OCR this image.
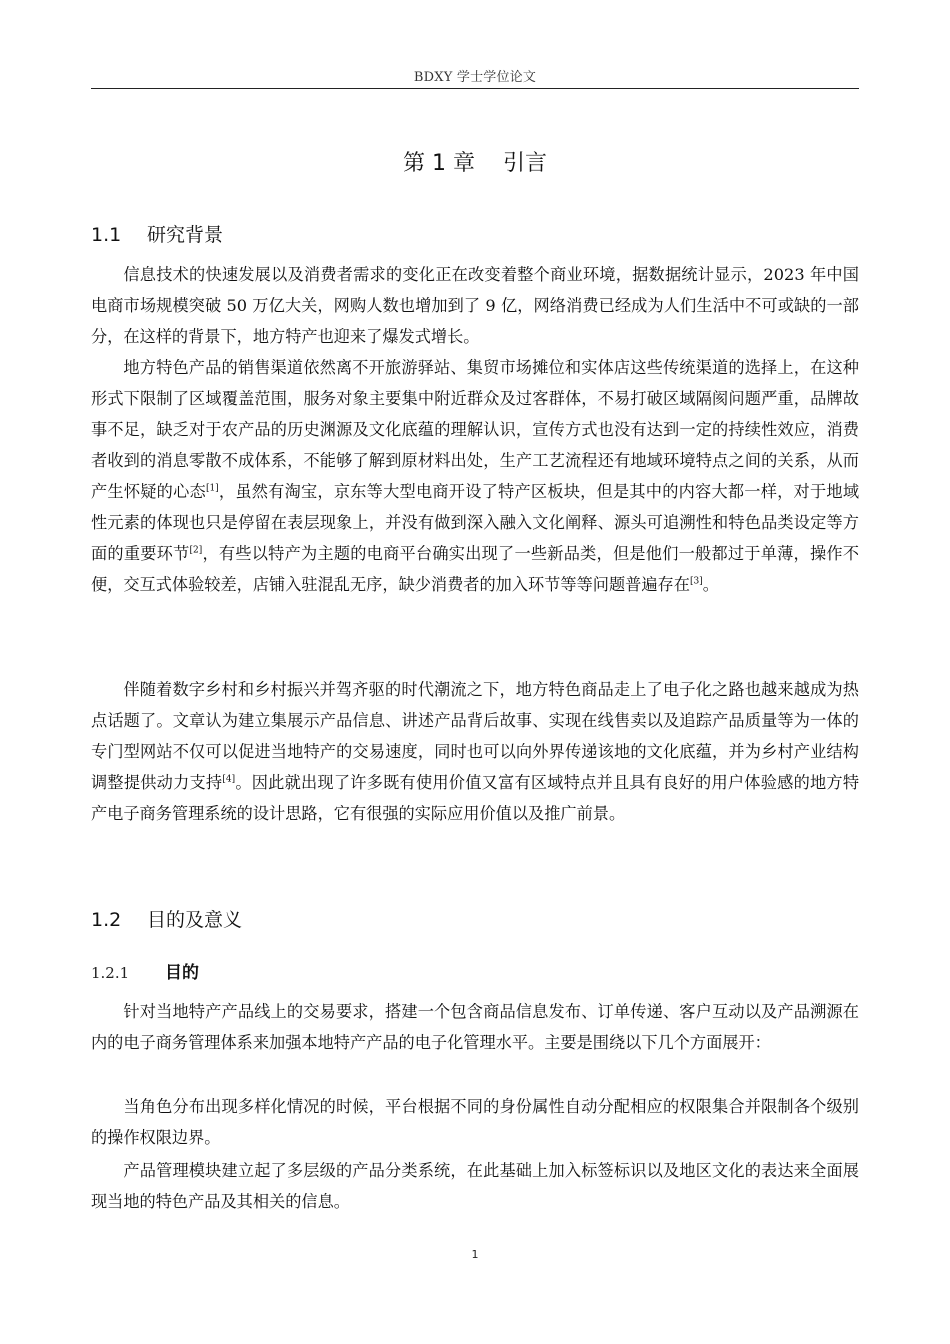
BDXY 学士学位论文
第 1 章 引言
1.1 研究背景
信息技术的快速发展以及消费者需求的变化正在改变着整个商业环境，据数据统计显示，2023 年中国电商市场规模突破 50 万亿大关，网购人数也增加到了 9 亿，网络消费已经成为人们生活中不可或缺的一部分，在这样的背景下，地方特产也迎来了爆发式增长。
地方特色产品的销售渠道依然离不开旅游驿站、集贸市场摊位和实体店这些传统渠道的选择上，在这种形式下限制了区域覆盖范围，服务对象主要集中附近群众及过客群体，不易打破区域隔阂问题严重，品牌故事不足，缺乏对于农产品的历史渊源及文化底蕴的理解认识，宣传方式也没有达到一定的持续性效应，消费者收到的消息零散不成体系，不能够了解到原材料出处，生产工艺流程还有地域环境特点之间的关系，从而产生怀疑的心态[1]，虽然有淘宝，京东等大型电商开设了特产区板块，但是其中的内容大都一样，对于地域性元素的体现也只是停留在表层现象上，并没有做到深入融入文化阐释、源头可追溯性和特色品类设定等方面的重要环节[2]，有些以特产为主题的电商平台确实出现了一些新品类，但是他们一般都过于单薄，操作不便，交互式体验较差，店铺入驻混乱无序，缺少消费者的加入环节等等问题普遍存在[3]。
伴随着数字乡村和乡村振兴并驾齐驱的时代潮流之下，地方特色商品走上了电子化之路也越来越成为热点话题了。文章认为建立集展示产品信息、讲述产品背后故事、实现在线售卖以及追踪产品质量等为一体的专门型网站不仅可以促进当地特产的交易速度，同时也可以向外界传递该地的文化底蕴，并为乡村产业结构调整提供动力支持[4]。因此就出现了许多既有使用价值又富有区域特点并且具有良好的用户体验感的地方特产电子商务管理系统的设计思路，它有很强的实际应用价值以及推广前景。
1.2 目的及意义
1.2.1 目的
针对当地特产产品线上的交易要求，搭建一个包含商品信息发布、订单传递、客户互动以及产品溯源在内的电子商务管理体系来加强本地特产产品的电子化管理水平。主要是围绕以下几个方面展开：
当角色分布出现多样化情况的时候，平台根据不同的身份属性自动分配相应的权限集合并限制各个级别的操作权限边界。
产品管理模块建立起了多层级的产品分类系统，在此基础上加入标签标识以及地区文化的表达来全面展现当地的特色产品及其相关的信息。
1
